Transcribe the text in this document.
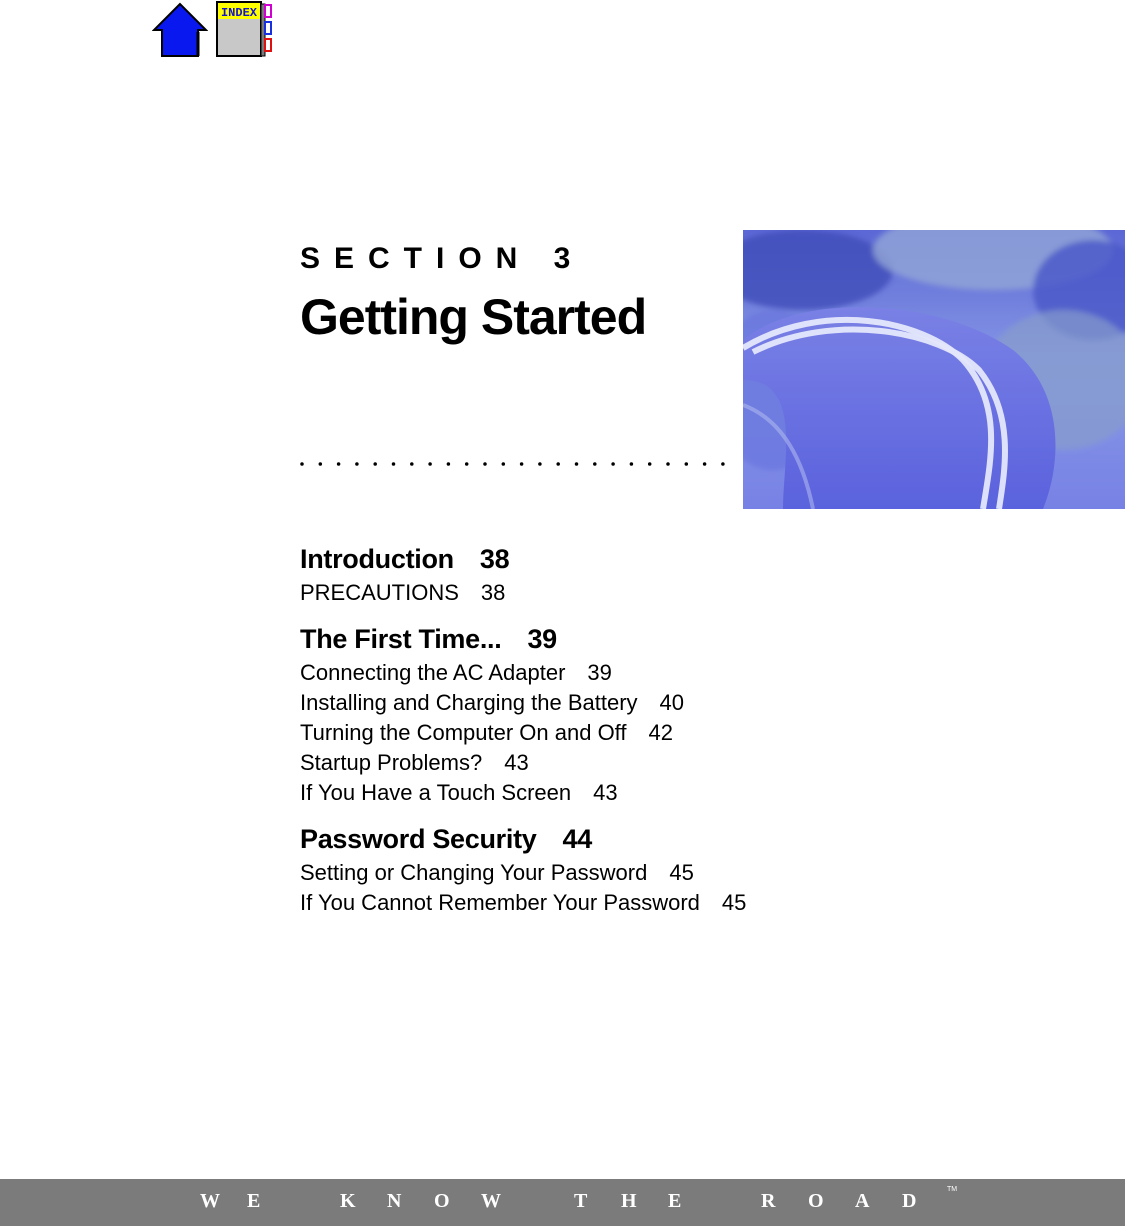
INDEX
SECTION 3
Getting Started
Introduction 38
PRECAUTIONS 38
The First Time... 39
Connecting the AC Adapter 39
Installing and Charging the Battery 40
Turning the Computer On and Off 42
Startup Problems? 43
If You Have a Touch Screen 43
Password Security 44
Setting or Changing Your Password 45
If You Cannot Remember Your Password 45
W E	K N O W	T H E	R O A D
TM
